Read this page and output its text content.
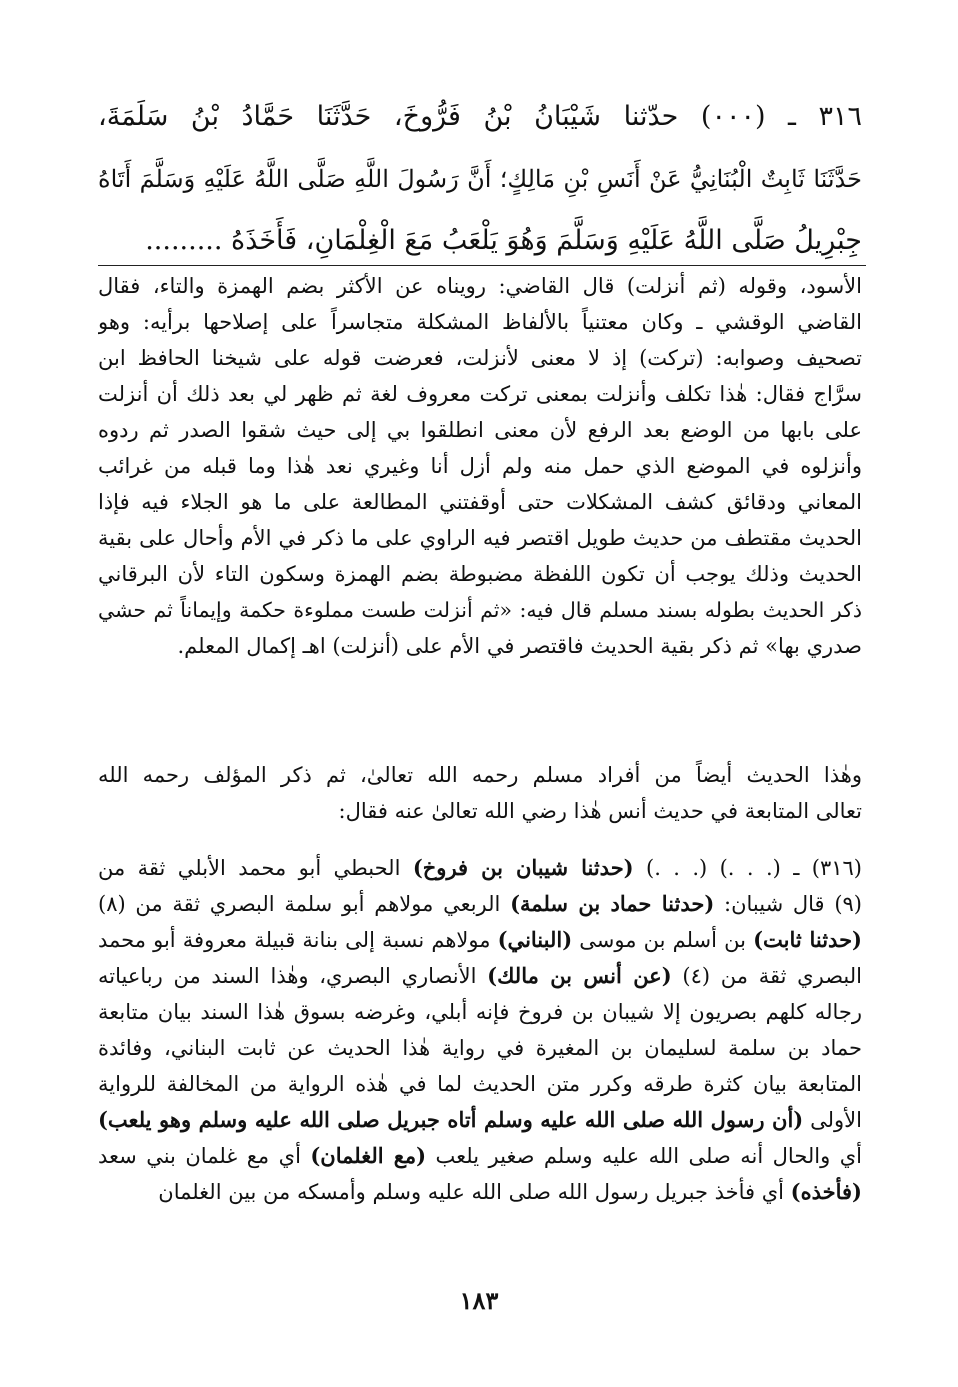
٣١٦ ـ (٠٠٠) حدّثنا شَيْبَانُ بْنُ فَرُّوخَ، حَدَّثَنَا حَمَّادُ بْنُ سَلَمَةَ،
حَدَّثَنَا ثَابِتٌ الْبُنَانِيُّ عَنْ أَنَسِ بْنِ مَالِكٍ؛ أَنَّ رَسُولَ اللَّهِ صَلَّى اللَّهُ عَلَيْهِ وَسَلَّمَ أَتَاهُ
جِبْرِيلُ صَلَّى اللَّهُ عَلَيْهِ وَسَلَّمَ وَهُوَ يَلْعَبُ مَعَ الْغِلْمَانِ، فَأَخَذَهُ .........
الأسود، وقوله (ثم أنزلت) قال القاضي: رويناه عن الأكثر بضم الهمزة والتاء، فقال
القاضي الوقشي ـ وكان معتنياً بالألفاظ المشكلة متجاسراً على إصلاحها برأيه: وهو
تصحيف وصوابه: (تركت) إذ لا معنى لأنزلت، فعرضت قوله على شيخنا الحافظ ابن
سرَّاج فقال: هٰذا تكلف وأنزلت بمعنى تركت معروف لغة ثم ظهر لي بعد ذلك أن أنزلت
على بابها من الوضع بعد الرفع لأن معنى انطلقوا بي إلى حيث شقوا الصدر ثم ردوه
وأنزلوه في الموضع الذي حمل منه ولم أزل أنا وغيري نعد هٰذا وما قبله من غرائب
المعاني ودقائق كشف المشكلات حتى أوقفتني المطالعة على ما هو الجلاء فيه فإذا
الحديث مقتطف من حديث طويل اقتصر فيه الراوي على ما ذكر في الأم وأحال على بقية
الحديث وذلك يوجب أن تكون اللفظة مضبوطة بضم الهمزة وسكون التاء لأن البرقاني
ذكر الحديث بطوله بسند مسلم قال فيه: «ثم أنزلت طست مملوءة حكمة وإيماناً ثم حشي
صدري بها» ثم ذكر بقية الحديث فاقتصر في الأم على (أنزلت) اهـ إكمال المعلم.
وهٰذا الحديث أيضاً من أفراد مسلم رحمه الله تعالىٰ، ثم ذكر المؤلف رحمه الله
تعالى المتابعة في حديث أنس هٰذا رضي الله تعالىٰ عنه فقال:
(٣١٦) ـ (. . .) (. . .) (حدثنا شيبان بن فروخ) الحبطي أبو محمد الأبلي ثقة من
(٩) قال شيبان: (حدثنا حماد بن سلمة) الربعي مولاهم أبو سلمة البصري ثقة من (٨)
(حدثنا ثابت) بن أسلم بن موسى (البناني) مولاهم نسبة إلى بنانة قبيلة معروفة أبو محمد
البصري ثقة من (٤) (عن أنس بن مالك) الأنصاري البصري، وهٰذا السند من رباعياته
رجاله كلهم بصريون إلا شيبان بن فروخ فإنه أبلي، وغرضه بسوق هٰذا السند بيان متابعة
حماد بن سلمة لسليمان بن المغيرة في رواية هٰذا الحديث عن ثابت البناني، وفائدة
المتابعة بيان كثرة طرقه وكرر متن الحديث لما في هٰذه الرواية من المخالفة للرواية
الأولى (أن رسول الله صلى الله عليه وسلم أتاه جبريل صلى الله عليه وسلم وهو يلعب)
أي والحال أنه صلى الله عليه وسلم صغير يلعب (مع الغلمان) أي مع غلمان بني سعد
(فأخذه) أي فأخذ جبريل رسول الله صلى الله عليه وسلم وأمسكه من بين الغلمان
١٨٣
